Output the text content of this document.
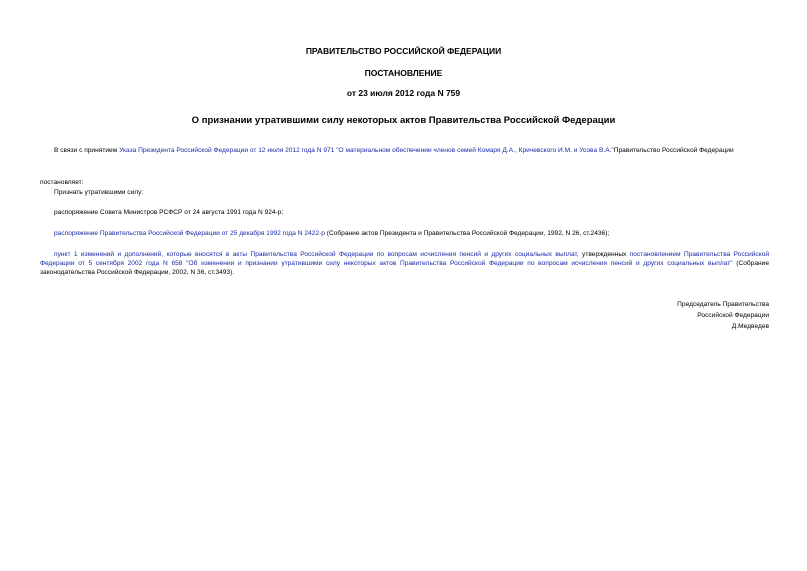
ПРАВИТЕЛЬСТВО РОССИЙСКОЙ ФЕДЕРАЦИИ
ПОСТАНОВЛЕНИЕ
от 23 июля 2012 года N 759
О признании утратившими силу некоторых актов Правительства Российской Федерации
В связи с принятием Указа Президента Российской Федерации от 12 июля 2012 года N 971 "О материальном обеспечении членов семей Комаря Д.А., Кричевского И.М. и Усова В.А."Правительство Российской Федерации
постановляет:
Признать утратившими силу:
распоряжение Совета Министров РСФСР от 24 августа 1991 года N 924-р;
распоряжение Правительства Российской Федерации от 25 декабря 1992 года N 2422-р (Собрание актов Президента и Правительства Российской Федерации, 1992, N 26, ст.2436);
пункт 1 изменений и дополнений, которые вносятся в акты Правительства Российской Федерации по вопросам исчисления пенсий и других социальных выплат, утвержденных постановлением Правительства Российской Федерации от 5 сентября 2002 года N 658 "Об изменении и признании утратившими силу некоторых актов Правительства Российской Федерации по вопросам исчисления пенсий и других социальных выплат" (Собрание законодательства Российской Федерации, 2002, N 36, ст.3493).
Председатель Правительства
Российской Федерации
Д.Медведев
